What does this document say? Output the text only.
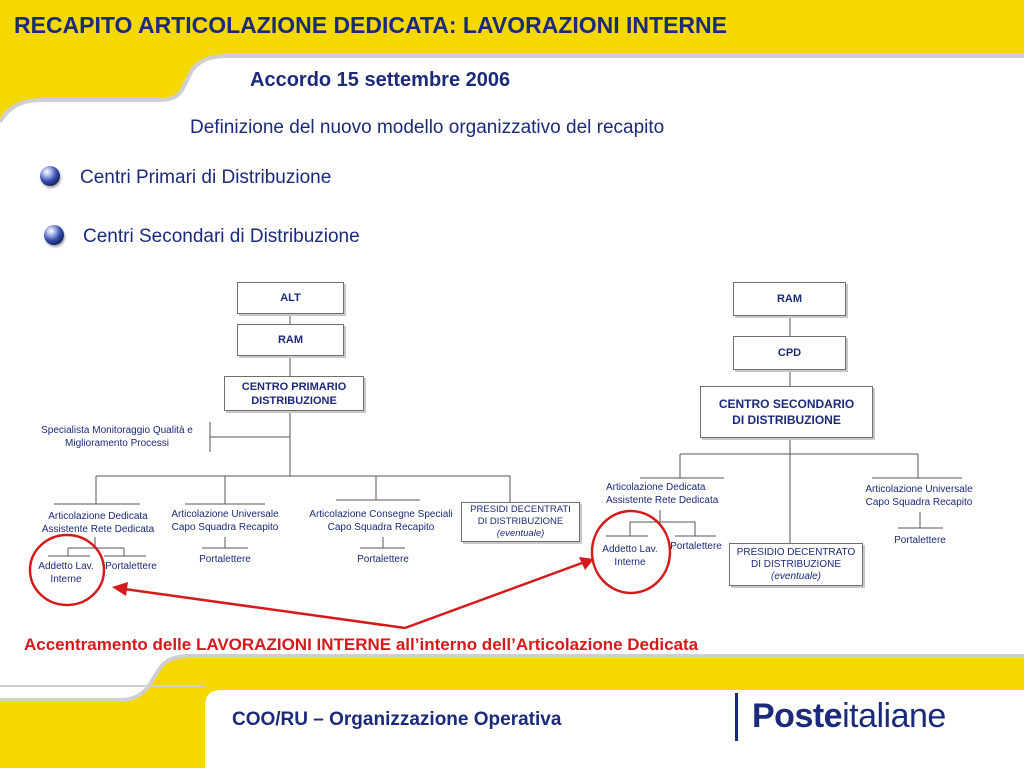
RECAPITO ARTICOLAZIONE DEDICATA: LAVORAZIONI INTERNE
Accordo 15 settembre 2006
Definizione del nuovo modello organizzativo del recapito
Centri Primari di Distribuzione
Centri Secondari di Distribuzione
ALT
RAM
CENTRO PRIMARIO
DISTRIBUZIONE
Specialista Monitoraggio Qualità e
Miglioramento Processi
Articolazione Dedicata
Assistente Rete Dedicata
Addetto Lav.
Interne
Portalettere
Articolazione Universale
Capo Squadra Recapito
Portalettere
Articolazione Consegne Speciali
Capo Squadra Recapito
Portalettere
PRESIDI DECENTRATI
DI DISTRIBUZIONE
(eventuale)
RAM
CPD
CENTRO SECONDARIO
DI DISTRIBUZIONE
Articolazione Dedicata
Assistente Rete Dedicata
Addetto Lav.
Interne
Portalettere	PRESIDIO DECENTRATO
DI DISTRIBUZIONE
(eventuale)
Articolazione Universale
Capo Squadra Recapito
Portalettere
Accentramento delle LAVORAZIONI INTERNE all’interno dell’Articolazione Dedicata
COO/RU – Organizzazione Operativa	Posteitaliane
